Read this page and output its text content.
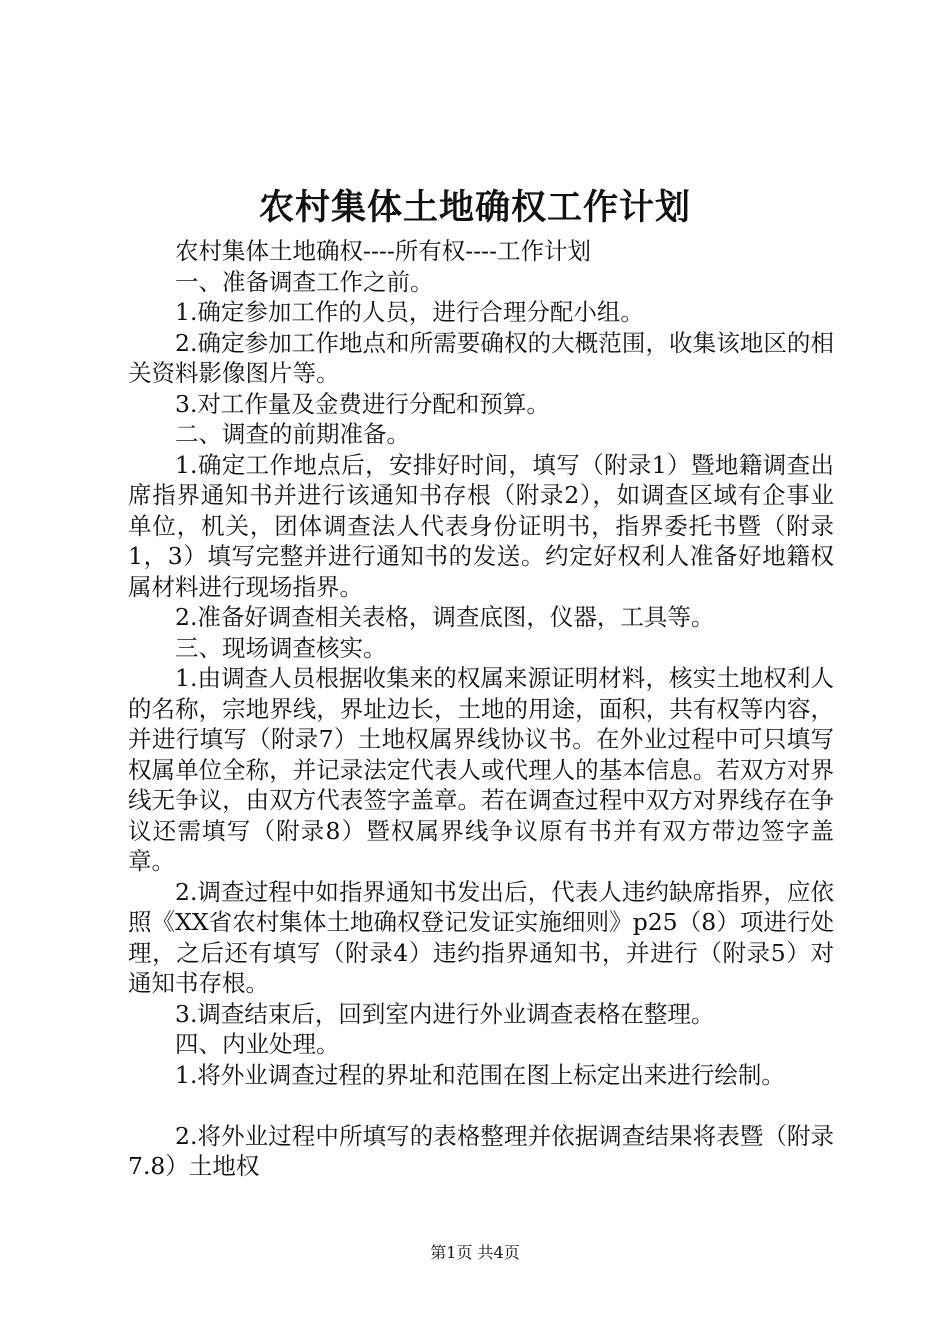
农村集体土地确权工作计划

农村集体土地确权----所有权----工作计划

一、准备调查工作之前。

1.确定参加工作的人员，进行合理分配小组。

2.确定参加工作地点和所需要确权的大概范围，收集该地区的相关资料影像图片等。

3.对工作量及金费进行分配和预算。

二、调查的前期准备。

1.确定工作地点后，安排好时间，填写（附录1）暨地籍调查出席指界通知书并进行该通知书存根（附录2），如调查区域有企事业单位，机关，团体调查法人代表身份证明书，指界委托书暨（附录1，3）填写完整并进行通知书的发送。约定好权利人准备好地籍权属材料进行现场指界。

2.准备好调查相关表格，调查底图，仪器，工具等。

三、现场调查核实。

1.由调查人员根据收集来的权属来源证明材料，核实土地权利人的名称，宗地界线，界址边长，土地的用途，面积，共有权等内容，并进行填写（附录7）土地权属界线协议书。在外业过程中可只填写权属单位全称，并记录法定代表人或代理人的基本信息。若双方对界线无争议，由双方代表签字盖章。若在调查过程中双方对界线存在争议还需填写（附录8）暨权属界线争议原有书并有双方带边签字盖章。

2.调查过程中如指界通知书发出后，代表人违约缺席指界，应依照《XX省农村集体土地确权登记发证实施细则》p25（8）项进行处理，之后还有填写（附录4）违约指界通知书，并进行（附录5）对通知书存根。

3.调查结束后，回到室内进行外业调查表格在整理。

四、内业处理。

1.将外业调查过程的界址和范围在图上标定出来进行绘制。

2.将外业过程中所填写的表格整理并依据调查结果将表暨（附录7.8）土地权

第1页 共4页
